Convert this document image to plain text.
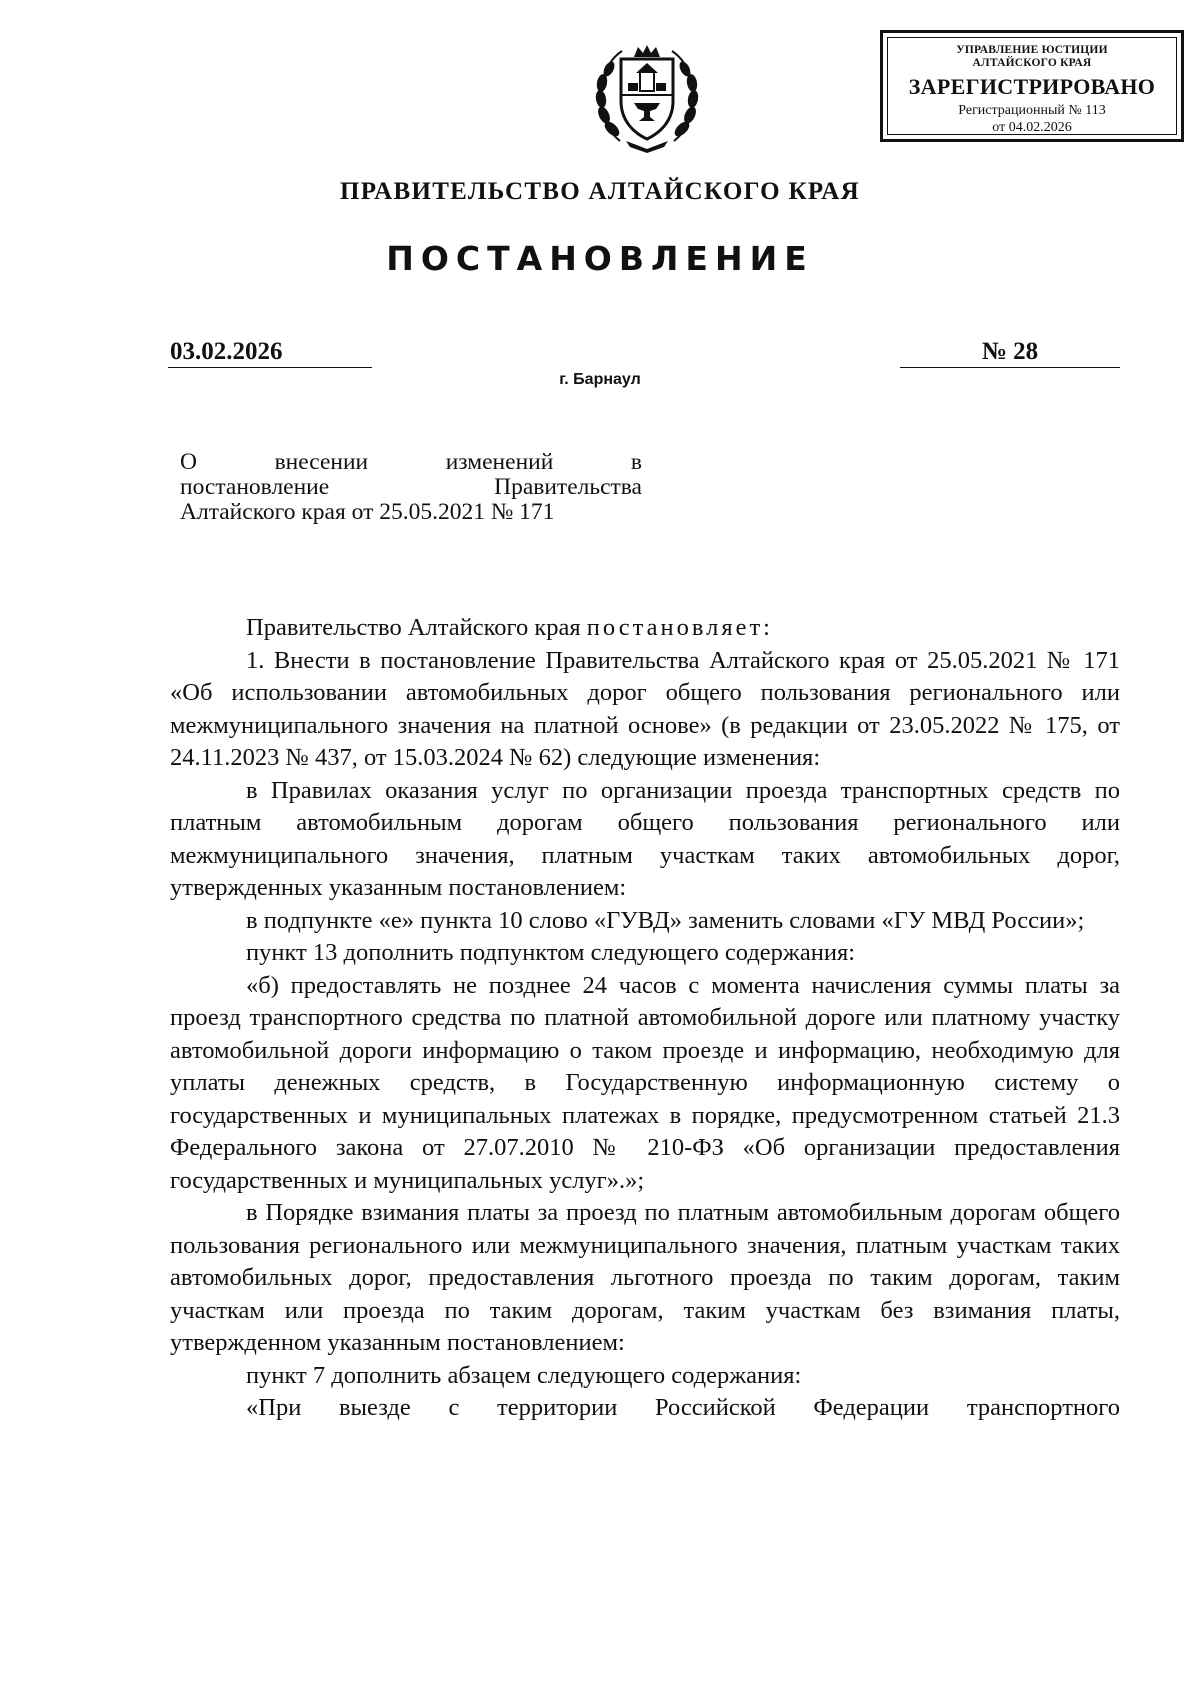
УПРАВЛЕНИЕ ЮСТИЦИИ
АЛТАЙСКОГО КРАЯ
ЗАРЕГИСТРИРОВАНО
Регистрационный № 113
от 04.02.2026
ПРАВИТЕЛЬСТВО АЛТАЙСКОГО КРАЯ
ПОСТАНОВЛЕНИЕ
03.02.2026	№ 28
г. Барнаул
О внесении изменений в
постановление Правительства
Алтайского края от 25.05.2021 № 171

Правительство Алтайского края постановляет:

1. Внести в постановление Правительства Алтайского края от 25.05.2021 № 171 «Об использовании автомобильных дорог общего пользования регионального или межмуниципального значения на платной основе» (в редакции от 23.05.2022 № 175, от 24.11.2023 № 437, от 15.03.2024 № 62) следующие изменения:

в Правилах оказания услуг по организации проезда транспортных средств по платным автомобильным дорогам общего пользования регионального или межмуниципального значения, платным участкам таких автомобильных дорог, утвержденных указанным постановлением:

в подпункте «е» пункта 10 слово «ГУВД» заменить словами «ГУ МВД России»;

пункт 13 дополнить подпунктом следующего содержания:

«б) предоставлять не позднее 24 часов с момента начисления суммы платы за проезд транспортного средства по платной автомобильной дороге или платному участку автомобильной дороги информацию о таком проезде и информацию, необходимую для уплаты денежных средств, в Государственную информационную систему о государственных и муниципальных платежах в порядке, предусмотренном статьей 21.3 Федерального закона от 27.07.2010 № 210-ФЗ «Об организации предоставления государственных и муниципальных услуг».»;

в Порядке взимания платы за проезд по платным автомобильным дорогам общего пользования регионального или межмуниципального значения, платным участкам таких автомобильных дорог, предоставления льготного проезда по таким дорогам, таким участкам или проезда по таким дорогам, таким участкам без взимания платы, утвержденном указанным постановлением:

пункт 7 дополнить абзацем следующего содержания:

«При выезде с территории Российской Федерации транспортного
